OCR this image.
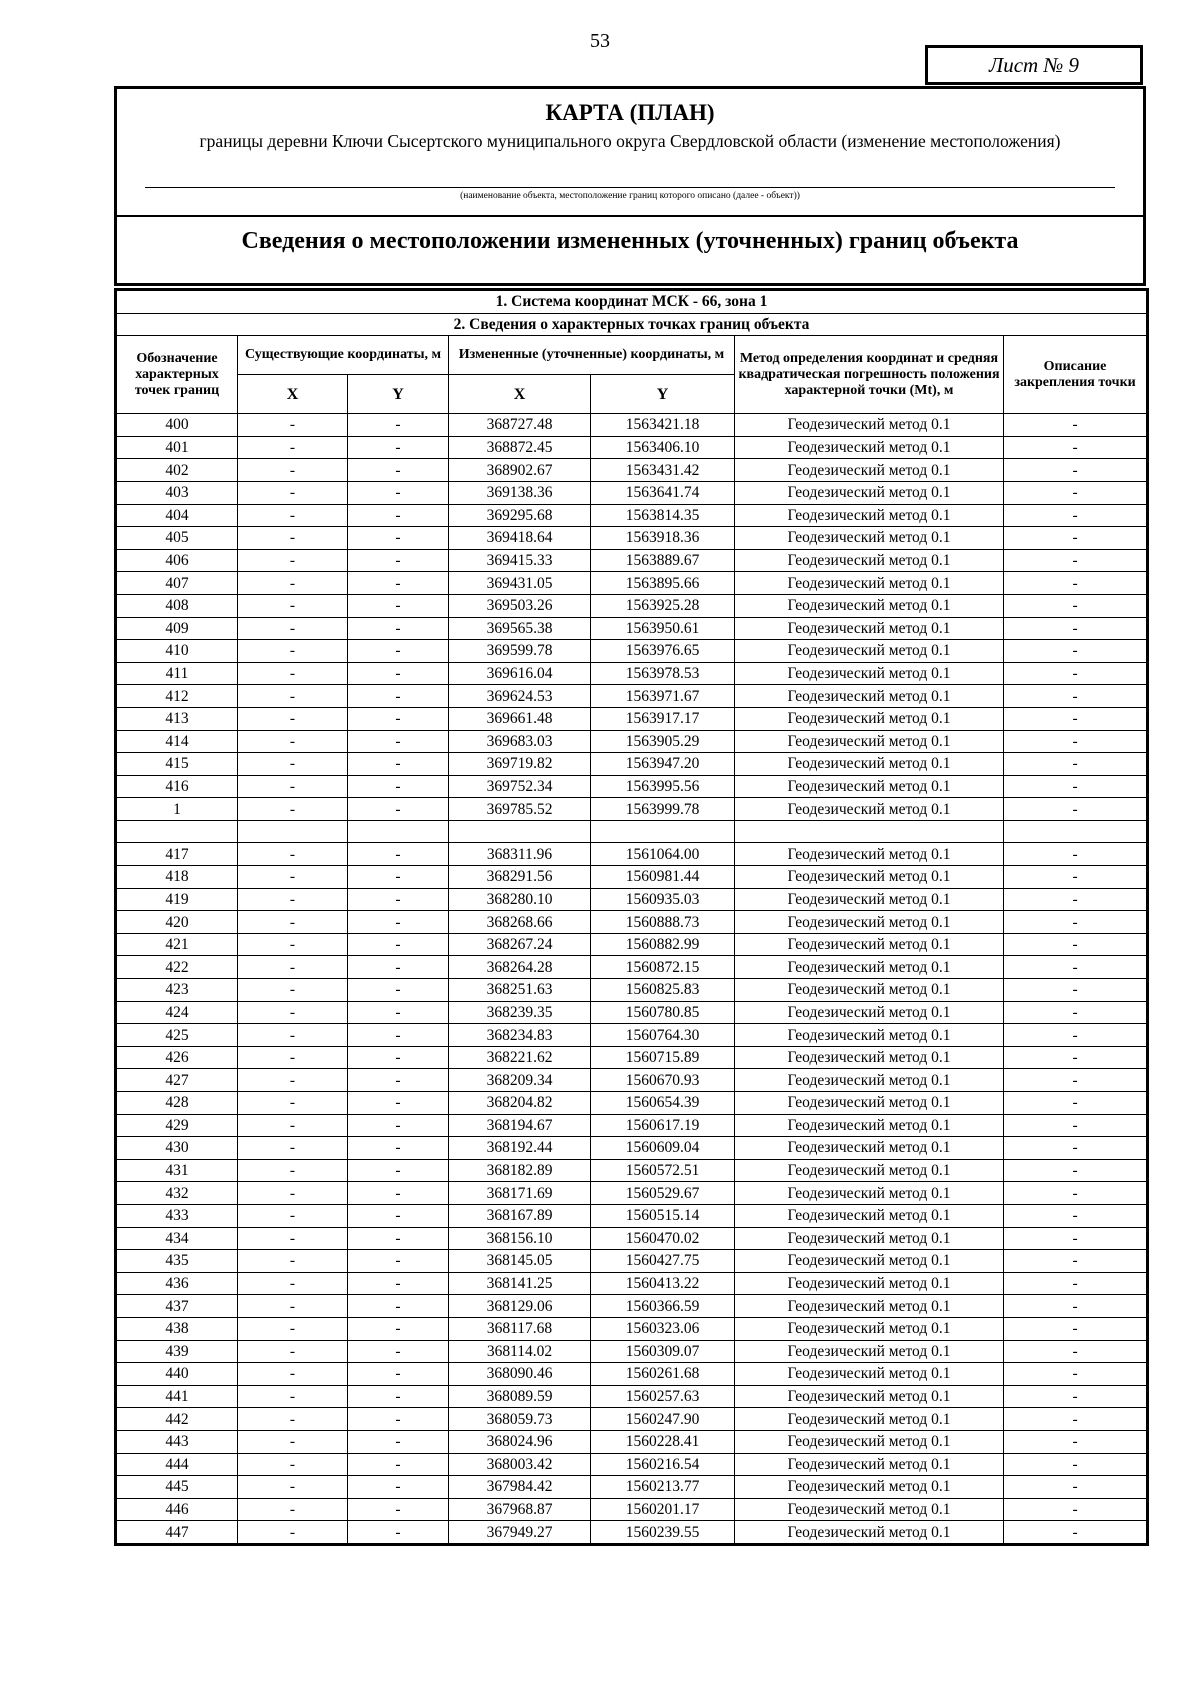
53
Лист № 9
КАРТА (ПЛАН)
границы деревни Ключи Сысертского муниципального округа Свердловской области (изменение местоположения)
(наименование объекта, местоположение границ которого описано (далее - объект))
Сведения о местоположении измененных (уточненных) границ объекта
1. Система координат МСК - 66, зона 1						
2. Сведения о характерных точках границ объекта						
Обозначение характерных точек границ	Существующие координаты, м		Измененные (уточненные) координаты, м		Метод определения координат и средняя квадратическая погрешность положения характерной точки (Mt), м	Описание закрепления точки
	X	Y	X	Y		
400	-	-	368727.48	1563421.18	Геодезический метод 0.1	-
401	-	-	368872.45	1563406.10	Геодезический метод 0.1	-
402	-	-	368902.67	1563431.42	Геодезический метод 0.1	-
403	-	-	369138.36	1563641.74	Геодезический метод 0.1	-
404	-	-	369295.68	1563814.35	Геодезический метод 0.1	-
405	-	-	369418.64	1563918.36	Геодезический метод 0.1	-
406	-	-	369415.33	1563889.67	Геодезический метод 0.1	-
407	-	-	369431.05	1563895.66	Геодезический метод 0.1	-
408	-	-	369503.26	1563925.28	Геодезический метод 0.1	-
409	-	-	369565.38	1563950.61	Геодезический метод 0.1	-
410	-	-	369599.78	1563976.65	Геодезический метод 0.1	-
411	-	-	369616.04	1563978.53	Геодезический метод 0.1	-
412	-	-	369624.53	1563971.67	Геодезический метод 0.1	-
413	-	-	369661.48	1563917.17	Геодезический метод 0.1	-
414	-	-	369683.03	1563905.29	Геодезический метод 0.1	-
415	-	-	369719.82	1563947.20	Геодезический метод 0.1	-
416	-	-	369752.34	1563995.56	Геодезический метод 0.1	-
1	-	-	369785.52	1563999.78	Геодезический метод 0.1	-

417	-	-	368311.96	1561064.00	Геодезический метод 0.1	-
418	-	-	368291.56	1560981.44	Геодезический метод 0.1	-
419	-	-	368280.10	1560935.03	Геодезический метод 0.1	-
420	-	-	368268.66	1560888.73	Геодезический метод 0.1	-
421	-	-	368267.24	1560882.99	Геодезический метод 0.1	-
422	-	-	368264.28	1560872.15	Геодезический метод 0.1	-
423	-	-	368251.63	1560825.83	Геодезический метод 0.1	-
424	-	-	368239.35	1560780.85	Геодезический метод 0.1	-
425	-	-	368234.83	1560764.30	Геодезический метод 0.1	-
426	-	-	368221.62	1560715.89	Геодезический метод 0.1	-
427	-	-	368209.34	1560670.93	Геодезический метод 0.1	-
428	-	-	368204.82	1560654.39	Геодезический метод 0.1	-
429	-	-	368194.67	1560617.19	Геодезический метод 0.1	-
430	-	-	368192.44	1560609.04	Геодезический метод 0.1	-
431	-	-	368182.89	1560572.51	Геодезический метод 0.1	-
432	-	-	368171.69	1560529.67	Геодезический метод 0.1	-
433	-	-	368167.89	1560515.14	Геодезический метод 0.1	-
434	-	-	368156.10	1560470.02	Геодезический метод 0.1	-
435	-	-	368145.05	1560427.75	Геодезический метод 0.1	-
436	-	-	368141.25	1560413.22	Геодезический метод 0.1	-
437	-	-	368129.06	1560366.59	Геодезический метод 0.1	-
438	-	-	368117.68	1560323.06	Геодезический метод 0.1	-
439	-	-	368114.02	1560309.07	Геодезический метод 0.1	-
440	-	-	368090.46	1560261.68	Геодезический метод 0.1	-
441	-	-	368089.59	1560257.63	Геодезический метод 0.1	-
442	-	-	368059.73	1560247.90	Геодезический метод 0.1	-
443	-	-	368024.96	1560228.41	Геодезический метод 0.1	-
444	-	-	368003.42	1560216.54	Геодезический метод 0.1	-
445	-	-	367984.42	1560213.77	Геодезический метод 0.1	-
446	-	-	367968.87	1560201.17	Геодезический метод 0.1	-
447	-	-	367949.27	1560239.55	Геодезический метод 0.1	-
